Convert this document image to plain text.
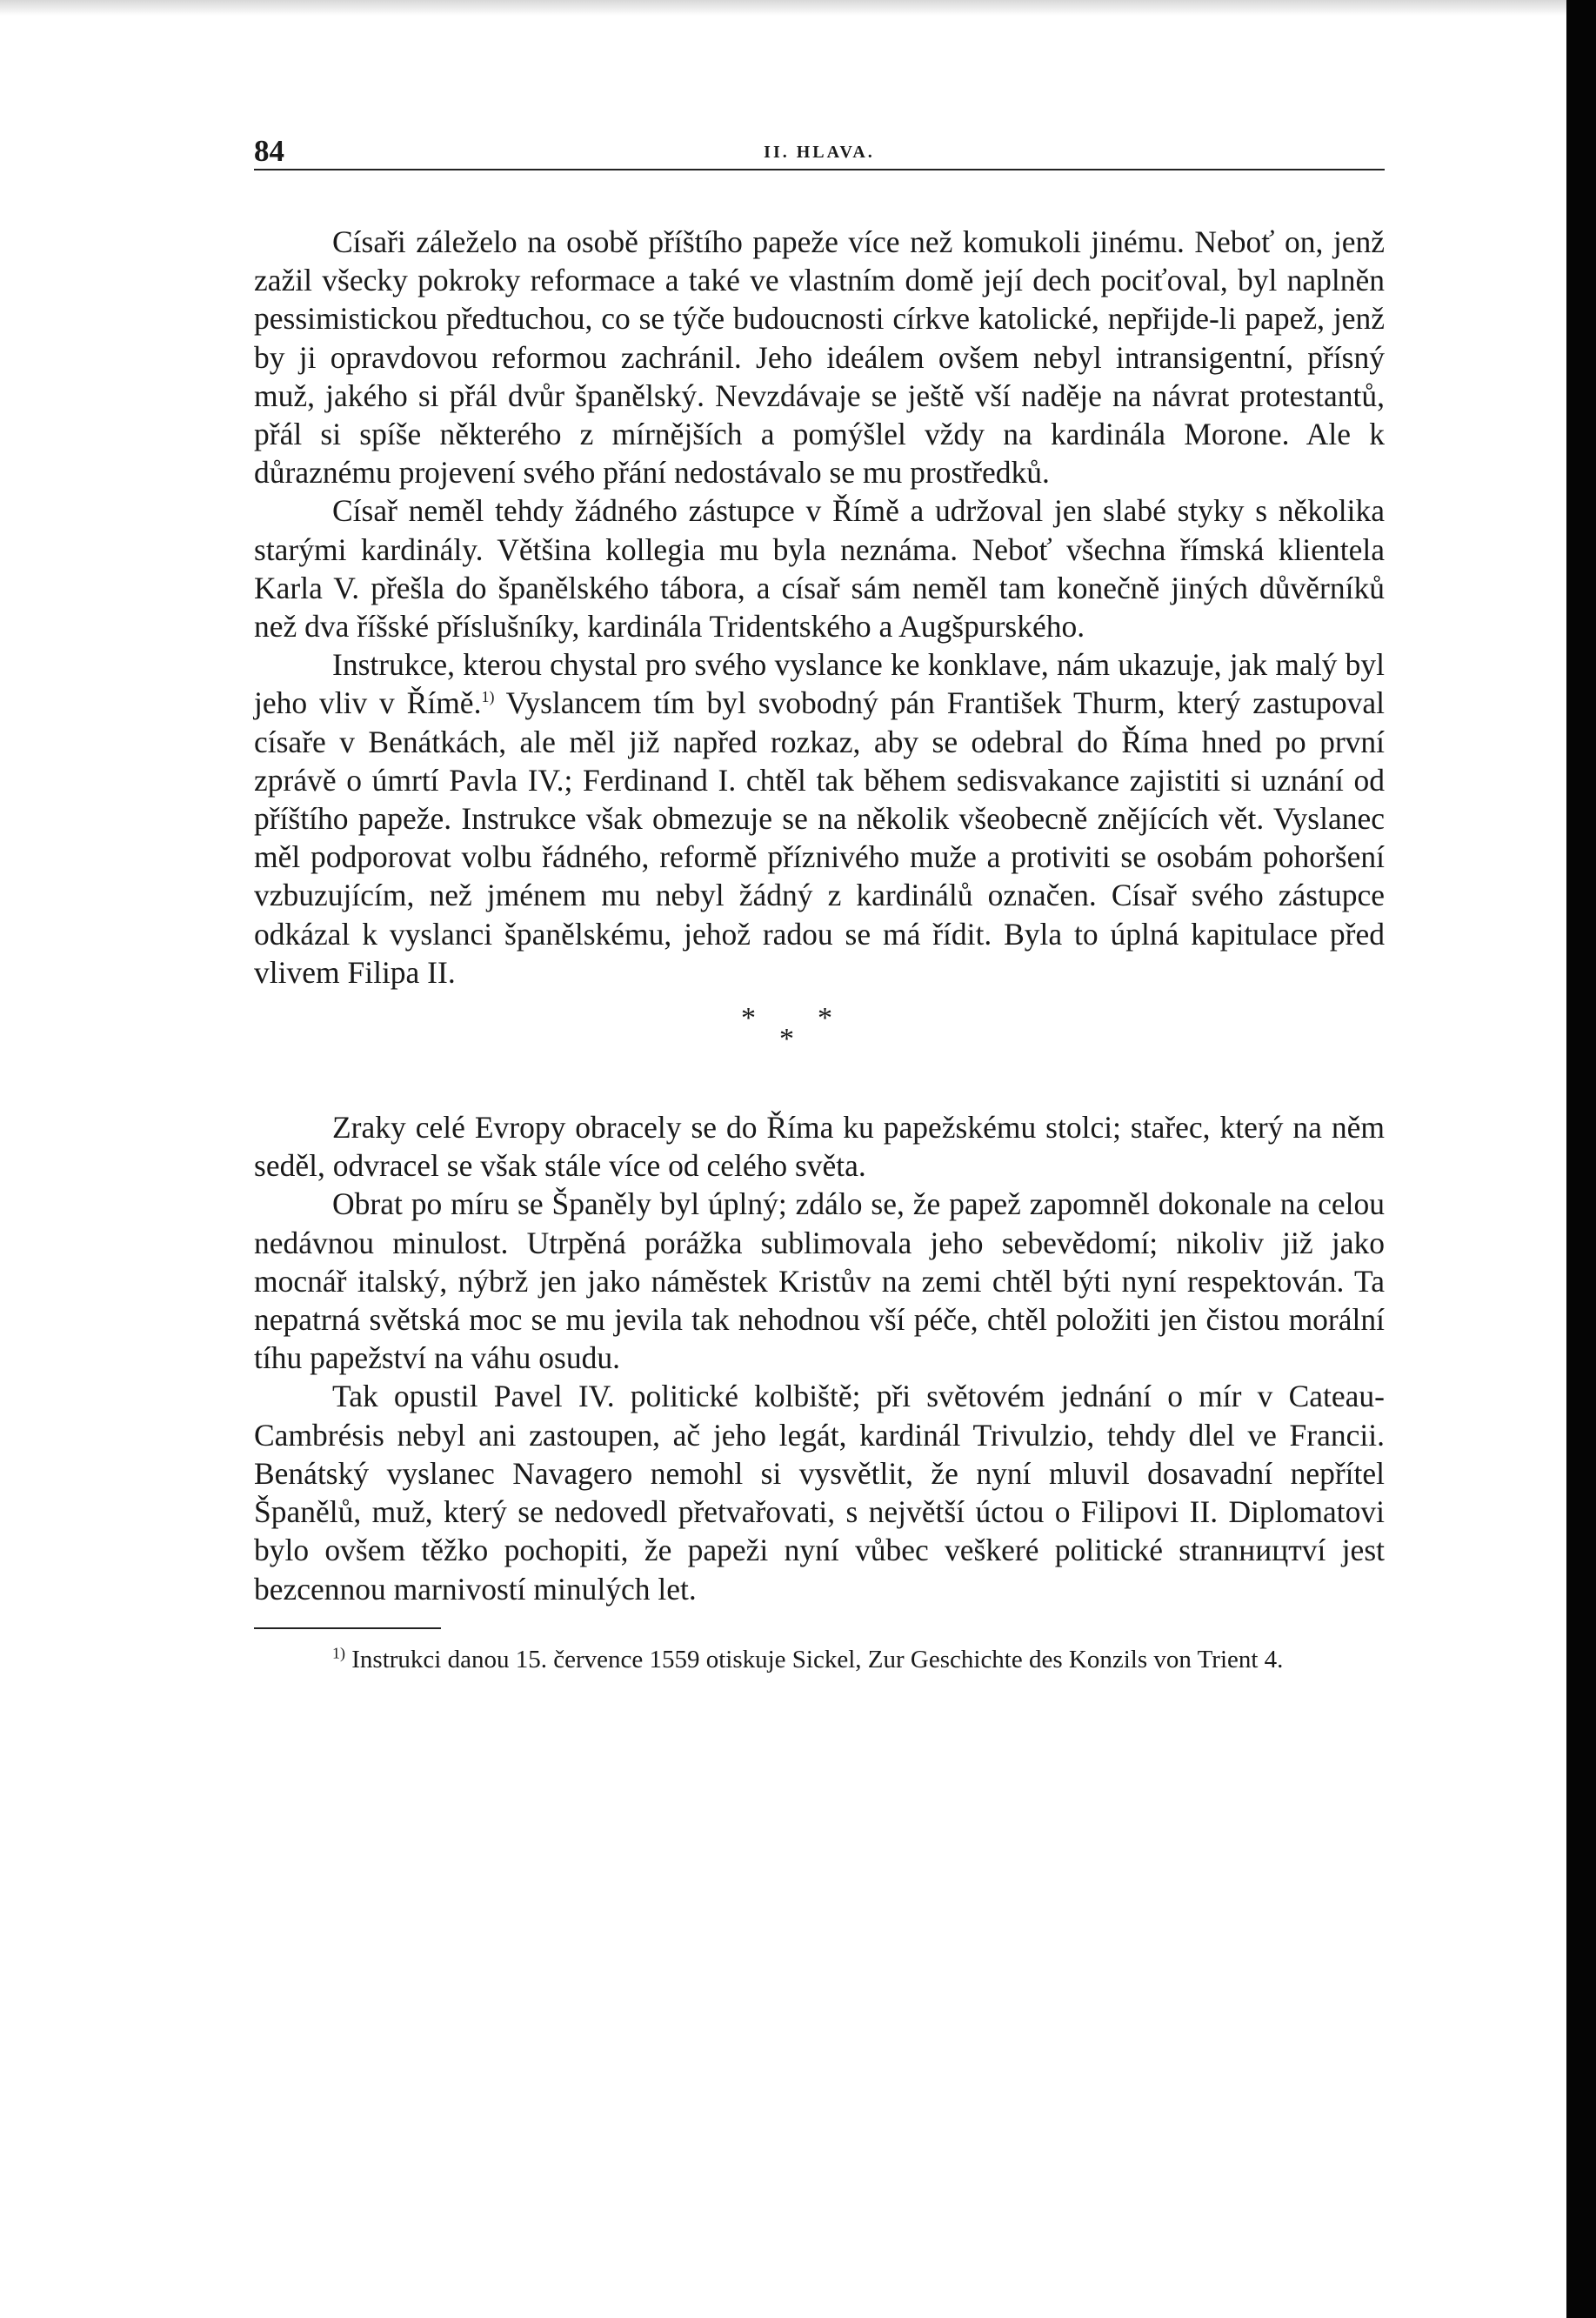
84	II. HLAVA.

Císaři záleželo na osobě příštího papeže více než komukoli jinému. Neboť on, jenž zažil všecky pokroky reformace a také ve vlastním domě její dech pociťoval, byl naplněn pessimistickou předtuchou, co se týče budoucnosti církve katolické, nepřijde-li papež, jenž by ji opravdovou reformou zachránil. Jeho ideálem ovšem nebyl intransigentní, přísný muž, jakého si přál dvůr španělský. Nevzdávaje se ještě vší naděje na návrat protestantů, přál si spíše některého z mírnějších a pomýšlel vždy na kardinála Morone. Ale k důraznému projevení svého přání nedostávalo se mu prostředků.

Císař neměl tehdy žádného zástupce v Římě a udržoval jen slabé styky s několika starými kardinály. Většina kollegia mu byla neznáma. Neboť všechna římská klientela Karla V. přešla do španělského tábora, a císař sám neměl tam konečně jiných důvěrníků než dva říšské příslušníky, kardinála Tridentského a Augšpurského.

Instrukce, kterou chystal pro svého vyslance ke konklave, nám ukazuje, jak malý byl jeho vliv v Římě.$^{1)}$ Vyslancem tím byl svobodný pán František Thurm, který zastupoval císaře v Benátkách, ale měl již napřed rozkaz, aby se odebral do Říma hned po první zprávě o úmrtí Pavla IV.; Ferdinand I. chtěl tak během sedisvakance zajistiti si uznání od příštího papeže. Instrukce však obmezuje se na několik všeobecně znějících vět. Vyslanec měl podporovat volbu řádného, reformě příznivého muže a protiviti se osobám pohoršení vzbuzujícím, než jménem mu nebyl žádný z kardinálů označen. Císař svého zástupce odkázal k vyslanci španělskému, jehož radou se má řídit. Byla to úplná kapitulace před vlivem Filipa II.

* *
*

Zraky celé Evropy obracely se do Říma ku papežskému stolci; stařec, který na něm seděl, odvracel se však stále více od celého světa.

Obrat po míru se Španěly byl úplný; zdálo se, že papež zapomněl dokonale na celou nedávnou minulost. Utrpěná porážka sublimovala jeho sebevědomí; nikoliv již jako mocnář italský, nýbrž jen jako náměstek Kristův na zemi chtěl býti nyní respektován. Ta nepatrná světská moc se mu jevila tak nehodnou vší péče, chtěl položiti jen čistou morální tíhu papežství na váhu osudu.

Tak opustil Pavel IV. politické kolbiště; při světovém jednání o mír v Cateau-Cambrésis nebyl ani zastoupen, ač jeho legát, kardinál Trivulzio, tehdy dlel ve Francii. Benátský vyslanec Navagero nemohl si vysvětlit, že nyní mluvil dosavadní nepřítel Španělů, muž, který se nedovedl přetvařovati, s největší úctou o Filipovi II. Diplomatovi bylo ovšem těžko pochopiti, že papeži nyní vůbec veškeré politické stranництví jest bezcennou marnivostí minulých let.

$^{1)}$ Instrukci danou 15. července 1559 otiskuje Sickel, Zur Geschichte des Konzils von Trient 4.
